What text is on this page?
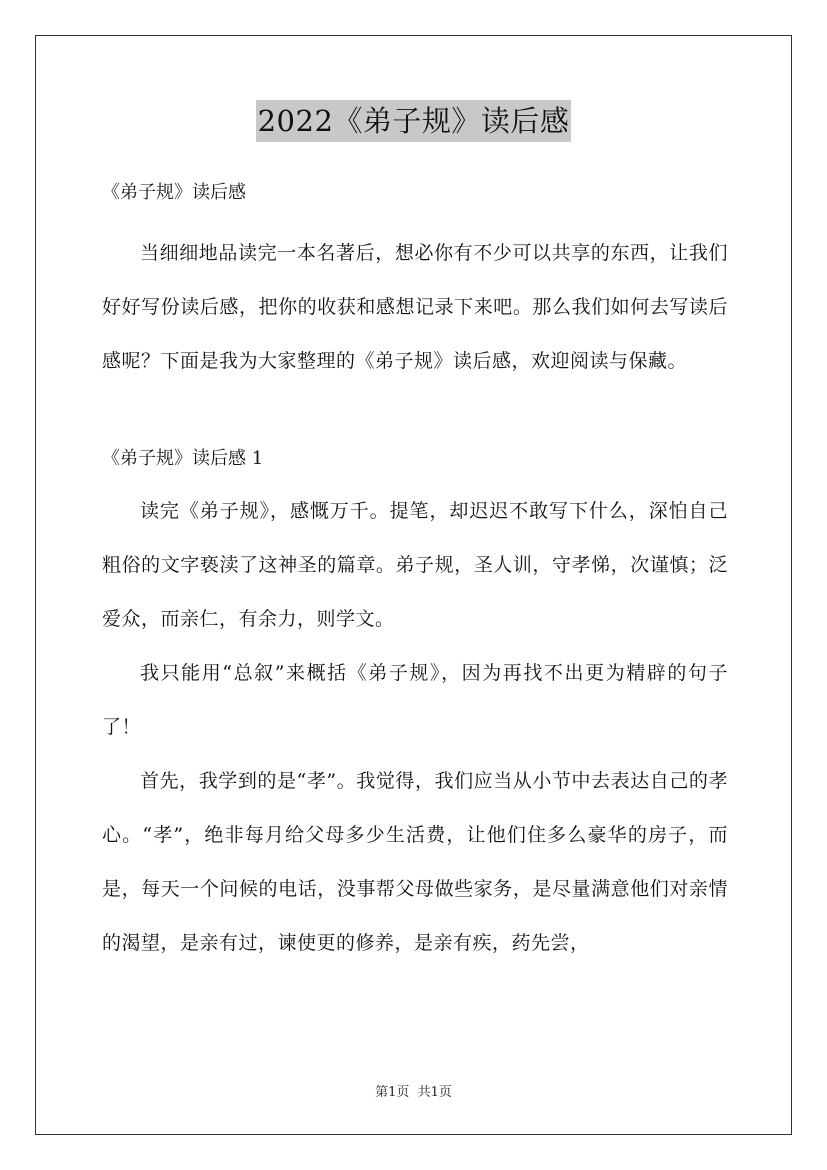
2022《弟子规》读后感

《弟子规》读后感

当细细地品读完一本名著后，想必你有不少可以共享的东西，让我们好好写份读后感，把你的收获和感想记录下来吧。那么我们如何去写读后感呢？下面是我为大家整理的《弟子规》读后感，欢迎阅读与保藏。

《弟子规》读后感 1

读完《弟子规》，感慨万千。提笔，却迟迟不敢写下什么，深怕自己粗俗的文字亵渎了这神圣的篇章。弟子规，圣人训，守孝悌，次谨慎；泛爱众，而亲仁，有余力，则学文。

我只能用“总叙”来概括《弟子规》，因为再找不出更为精辟的句子了！

首先，我学到的是“孝”。我觉得，我们应当从小节中去表达自己的孝心。“孝”，绝非每月给父母多少生活费，让他们住多么豪华的房子，而是，每天一个问候的电话，没事帮父母做些家务，是尽量满意他们对亲情的渴望，是亲有过，谏使更的修养，是亲有疾，药先尝，

第1页 共1页
